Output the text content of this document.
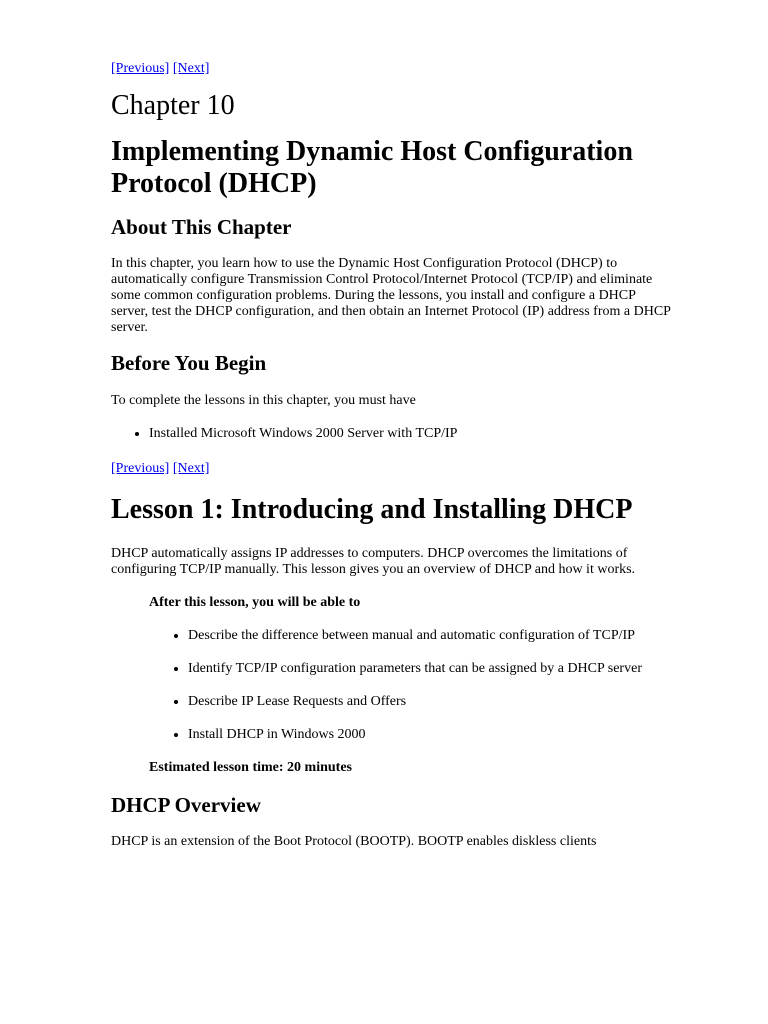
[Previous] [Next]

Chapter 10
Implementing Dynamic Host Configuration Protocol (DHCP)
About This Chapter

In this chapter, you learn how to use the Dynamic Host Configuration Protocol (DHCP) to automatically configure Transmission Control Protocol/Internet Protocol (TCP/IP) and eliminate some common configuration problems. During the lessons, you install and configure a DHCP server, test the DHCP configuration, and then obtain an Internet Protocol (IP) address from a DHCP server.

Before You Begin

To complete the lessons in this chapter, you must have

• Installed Microsoft Windows 2000 Server with TCP/IP

[Previous] [Next]

Lesson 1: Introducing and Installing DHCP

DHCP automatically assigns IP addresses to computers. DHCP overcomes the limitations of configuring TCP/IP manually. This lesson gives you an overview of DHCP and how it works.

After this lesson, you will be able to

• Describe the difference between manual and automatic configuration of TCP/IP
• Identify TCP/IP configuration parameters that can be assigned by a DHCP server
• Describe IP Lease Requests and Offers
• Install DHCP in Windows 2000

Estimated lesson time: 20 minutes

DHCP Overview

DHCP is an extension of the Boot Protocol (BOOTP). BOOTP enables diskless clients
